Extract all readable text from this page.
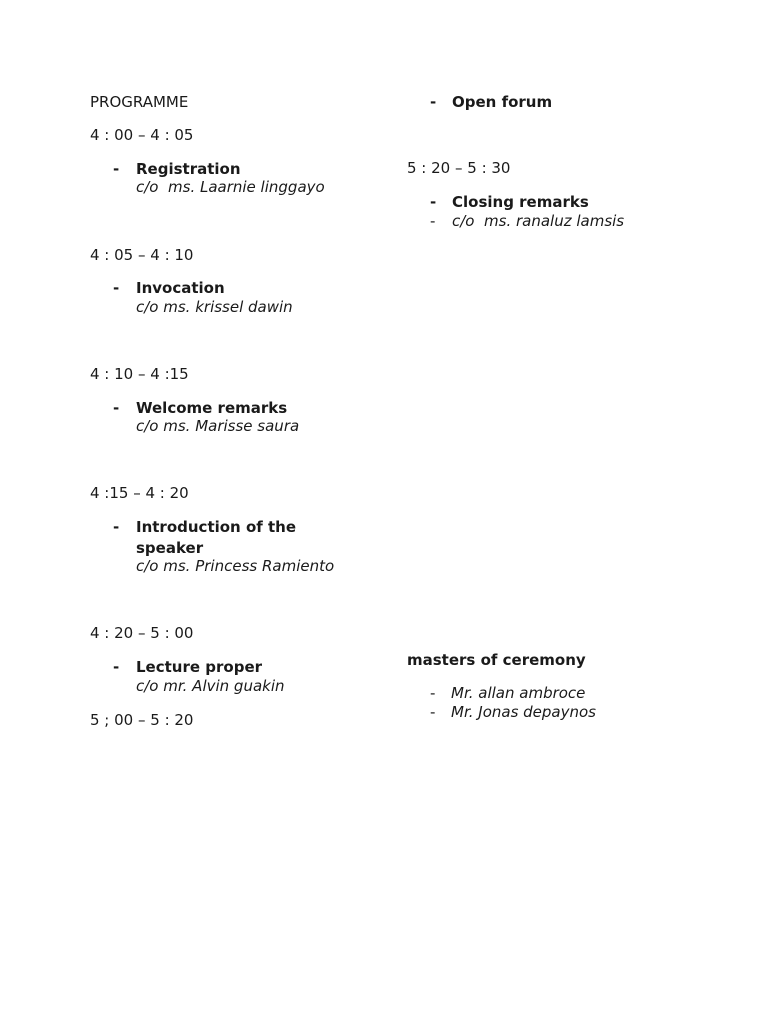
PROGRAMME
4 : 00 – 4 : 05
- Registration
c/o  ms. Laarnie linggayo
4 : 05 – 4 : 10
- Invocation
c/o ms. krissel dawin
4 : 10 – 4 :15
- Welcome remarks
c/o ms. Marisse saura
4 :15 – 4 : 20
- Introduction of the
speaker
c/o ms. Princess Ramiento
4 : 20 – 5 : 00
- Lecture proper
c/o mr. Alvin guakin
5 ; 00 – 5 : 20
- Open forum
5 : 20 – 5 : 30
- Closing remarks
- c/o  ms. ranaluz lamsis
masters of ceremony
- Mr. allan ambroce
- Mr. Jonas depaynos
